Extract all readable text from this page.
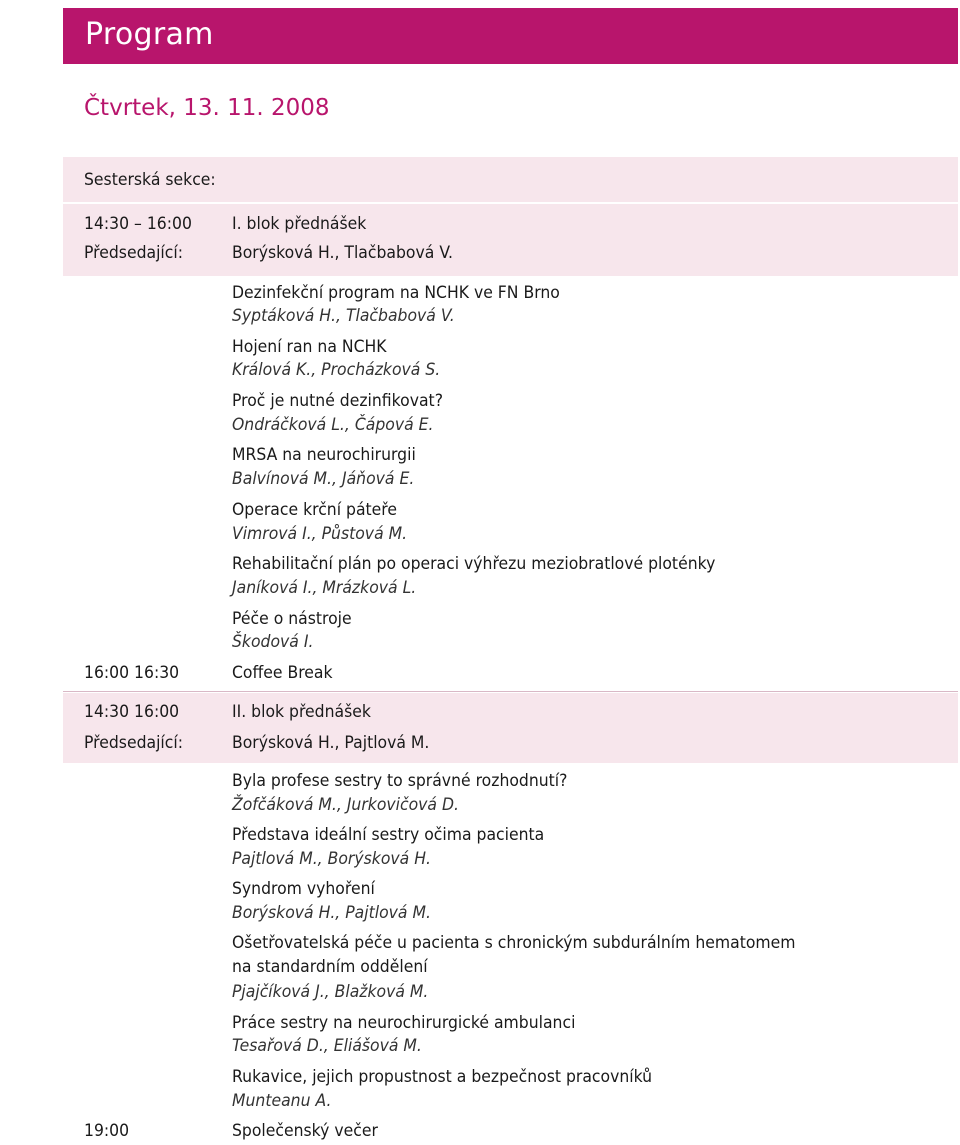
Program
Čtvrtek, 13. 11. 2008
Sesterská sekce:
14:30 – 16:00 I. blok přednášek
Předsedající:	Borýsková H., Tlačbabová V.
Dezinfekční program na NCHK ve FN Brno
Syptáková H., Tlačbabová V.
Hojení ran na NCHK
Králová K., Procházková S.
Proč je nutné dezinfikovat?
Ondráčková L., Čápová E.
MRSA na neurochirurgii
Balvínová M., Jáňová E.
Operace krční páteře
Vimrová I., Půstová M.
Rehabilitační plán po operaci výhřezu meziobratlové ploténky
Janíková I., Mrázková L.
Péče o nástroje
Škodová I.
16:00 16:30	Coffee Break
14:30 16:00	II. blok přednášek
Předsedající:	Borýsková H., Pajtlová M.
Byla profese sestry to správné rozhodnutí?
Žofčáková M., Jurkovičová D.
Představa ideální sestry očima pacienta
Pajtlová M., Borýsková H.
Syndrom vyhoření
Borýsková H., Pajtlová M.
Ošetřovatelská péče u pacienta s chronickým subdurálním hematomem
na standardním oddělení
Pjajčíková J., Blažková M.
Práce sestry na neurochirurgické ambulanci
Tesařová D., Eliášová M.
Rukavice, jejich propustnost a bezpečnost pracovníků
Munteanu A.
19:00	Společenský večer
